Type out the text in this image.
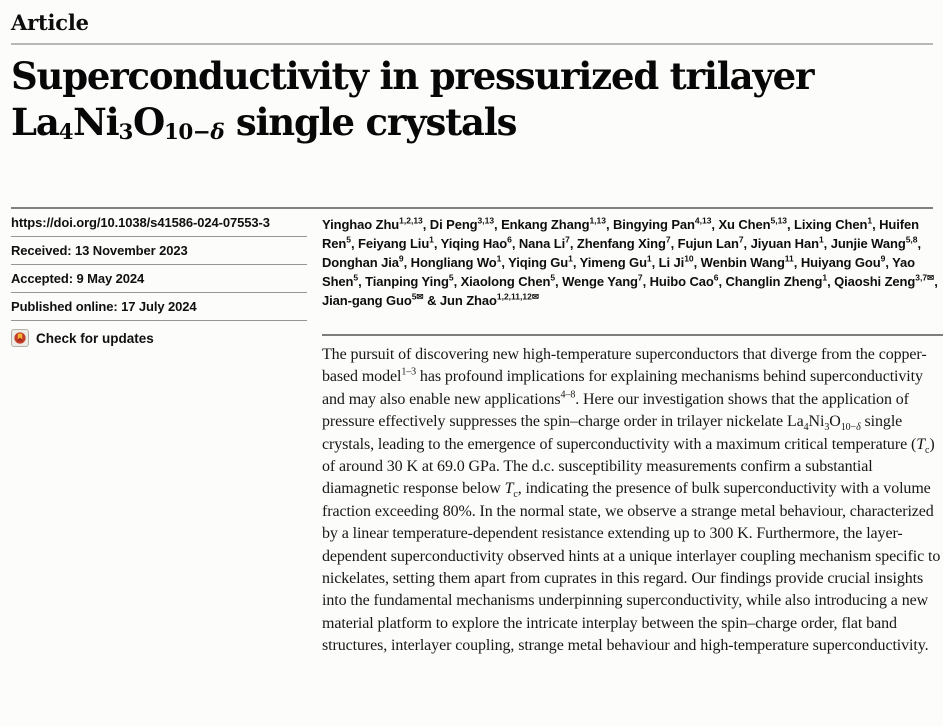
Article
Superconductivity in pressurized trilayer
$La_4Ni_3O_{10-\delta}$ single crystals
https://doi.org/10.1038/s41586-024-07553-3
Received: 13 November 2023
Accepted: 9 May 2024
Published online: 17 July 2024
Check for updates

Yinghao Zhu$^{1,2,13}$, Di Peng$^{3,13}$, Enkang Zhang$^{1,13}$, Bingying Pan$^{4,13}$, Xu Chen$^{5,13}$, Lixing Chen$^1$, Huifen Ren$^5$, Feiyang Liu$^1$, Yiqing Hao$^6$, Nana Li$^7$, Zhenfang Xing$^7$, Fujun Lan$^7$, Jiyuan Han$^1$, Junjie Wang$^{5,8}$, Donghan Jia$^9$, Hongliang Wo$^1$, Yiqing Gu$^1$, Yimeng Gu$^1$, Li Ji$^{10}$, Wenbin Wang$^{11}$, Huiyang Gou$^9$, Yao Shen$^5$, Tianping Ying$^5$, Xiaolong Chen$^5$, Wenge Yang$^7$, Huibo Cao$^6$, Changlin Zheng$^1$, Qiaoshi Zeng$^{3,7✉}$, Jian-gang Guo$^{5✉}$ & Jun Zhao$^{1,2,11,12✉}$

The pursuit of discovering new high-temperature superconductors that diverge from the copper-based model$^{1-3}$ has profound implications for explaining mechanisms behind superconductivity and may also enable new applications$^{4-8}$. Here our investigation shows that the application of pressure effectively suppresses the spin–charge order in trilayer nickelate $La_4Ni_3O_{10-\delta}$ single crystals, leading to the emergence of superconductivity with a maximum critical temperature $(T_c)$ of around 30 K at 69.0 GPa. The d.c. susceptibility measurements confirm a substantial diamagnetic response below $T_c$, indicating the presence of bulk superconductivity with a volume fraction exceeding 80%. In the normal state, we observe a strange metal behaviour, characterized by a linear temperature-dependent resistance extending up to 300 K. Furthermore, the layer-dependent superconductivity observed hints at a unique interlayer coupling mechanism specific to nickelates, setting them apart from cuprates in this regard. Our findings provide crucial insights into the fundamental mechanisms underpinning superconductivity, while also introducing a new material platform to explore the intricate interplay between the spin–charge order, flat band structures, interlayer coupling, strange metal behaviour and high-temperature superconductivity.
